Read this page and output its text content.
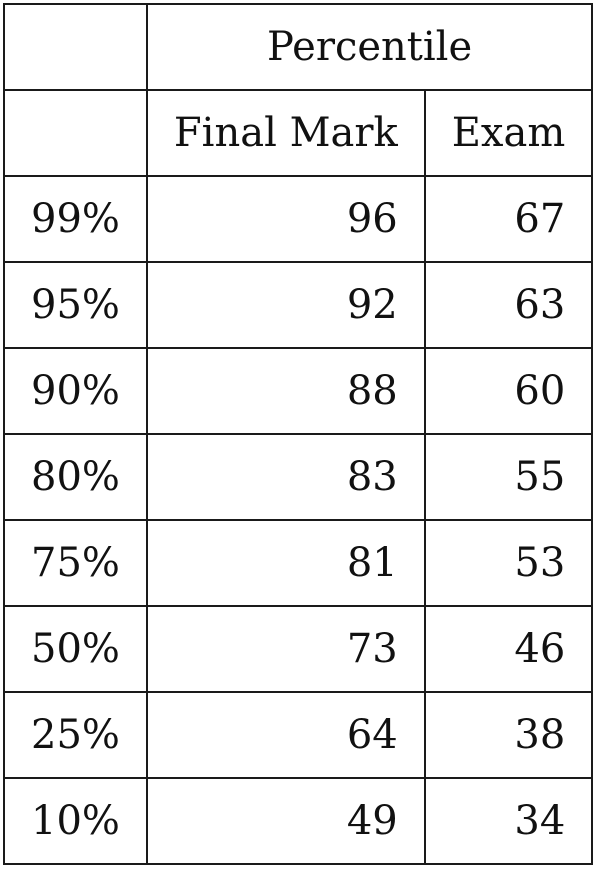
	Percentile	
	Final Mark	Exam
99%	96	67
95%	92	63
90%	88	60
80%	83	55
75%	81	53
50%	73	46
25%	64	38
10%	49	34
